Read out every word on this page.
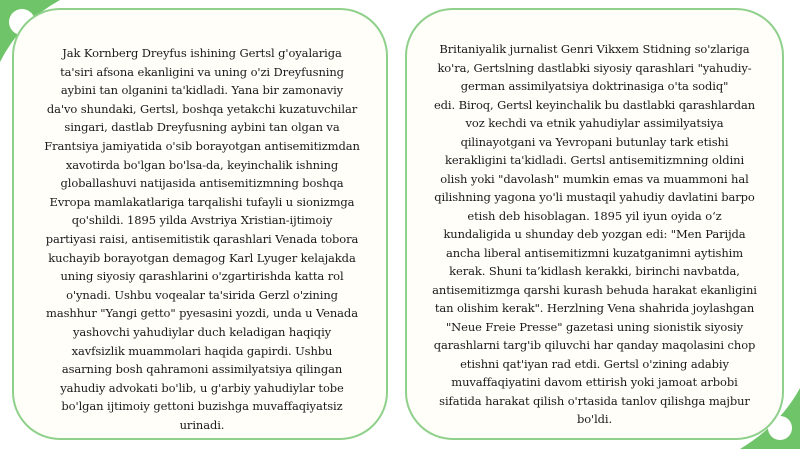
Jak Kornberg Dreyfus ishining Gertsl g'oyalariga
ta'siri afsona ekanligini va uning o'zi Dreyfusning
aybini tan olganini ta'kidladi. Yana bir zamonaviy
da'vo shundaki, Gertsl, boshqa yetakchi kuzatuvchilar
singari, dastlab Dreyfusning aybini tan olgan va
Frantsiya jamiyatida o'sib borayotgan antisemitizmdan
xavotirda bo'lgan bo'lsa-da, keyinchalik ishning
globallashuvi natijasida antisemitizmning boshqa
Evropa mamlakatlariga tarqalishi tufayli u sionizmga
qo'shildi. 1895 yilda Avstriya Xristian-ijtimoiy
partiyasi raisi, antisemitistik qarashlari Venada tobora
kuchayib borayotgan demagog Karl Lyuger kelajakda
uning siyosiy qarashlarini o'zgartirishda katta rol
o'ynadi. Ushbu voqealar ta'sirida Gerzl o'zining
mashhur "Yangi getto" pyesasini yozdi, unda u Venada
yashovchi yahudiylar duch keladigan haqiqiy
xavfsizlik muammolari haqida gapirdi. Ushbu
asarning bosh qahramoni assimilyatsiya qilingan
yahudiy advokati bo'lib, u g'arbiy yahudiylar tobe
bo'lgan ijtimoiy gettoni buzishga muvaffaqiyatsiz
urinadi.

Britaniyalik jurnalist Genri Vikxem Stidning so'zlariga
ko'ra, Gertslning dastlabki siyosiy qarashlari "yahudiy-
german assimilyatsiya doktrinasiga o'ta sodiq"
edi. Biroq, Gertsl keyinchalik bu dastlabki qarashlardan
voz kechdi va etnik yahudiylar assimilyatsiya
qilinayotgani va Yevropani butunlay tark etishi
kerakligini ta'kidladi. Gertsl antisemitizmning oldini
olish yoki "davolash" mumkin emas va muammoni hal
qilishning yagona yo'li mustaqil yahudiy davlatini barpo
etish deb hisoblagan. 1895 yil iyun oyida o‘z
kundaligida u shunday deb yozgan edi: "Men Parijda
ancha liberal antisemitizmni kuzatganimni aytishim
kerak. Shuni ta’kidlash kerakki, birinchi navbatda,
antisemitizmga qarshi kurash behuda harakat ekanligini
tan olishim kerak". Herzlning Vena shahrida joylashgan
"Neue Freie Presse" gazetasi uning sionistik siyosiy
qarashlarni targ'ib qiluvchi har qanday maqolasini chop
etishni qat'iyan rad etdi. Gertsl o'zining adabiy
muvaffaqiyatini davom ettirish yoki jamoat arbobi
sifatida harakat qilish o'rtasida tanlov qilishga majbur
bo'ldi.
